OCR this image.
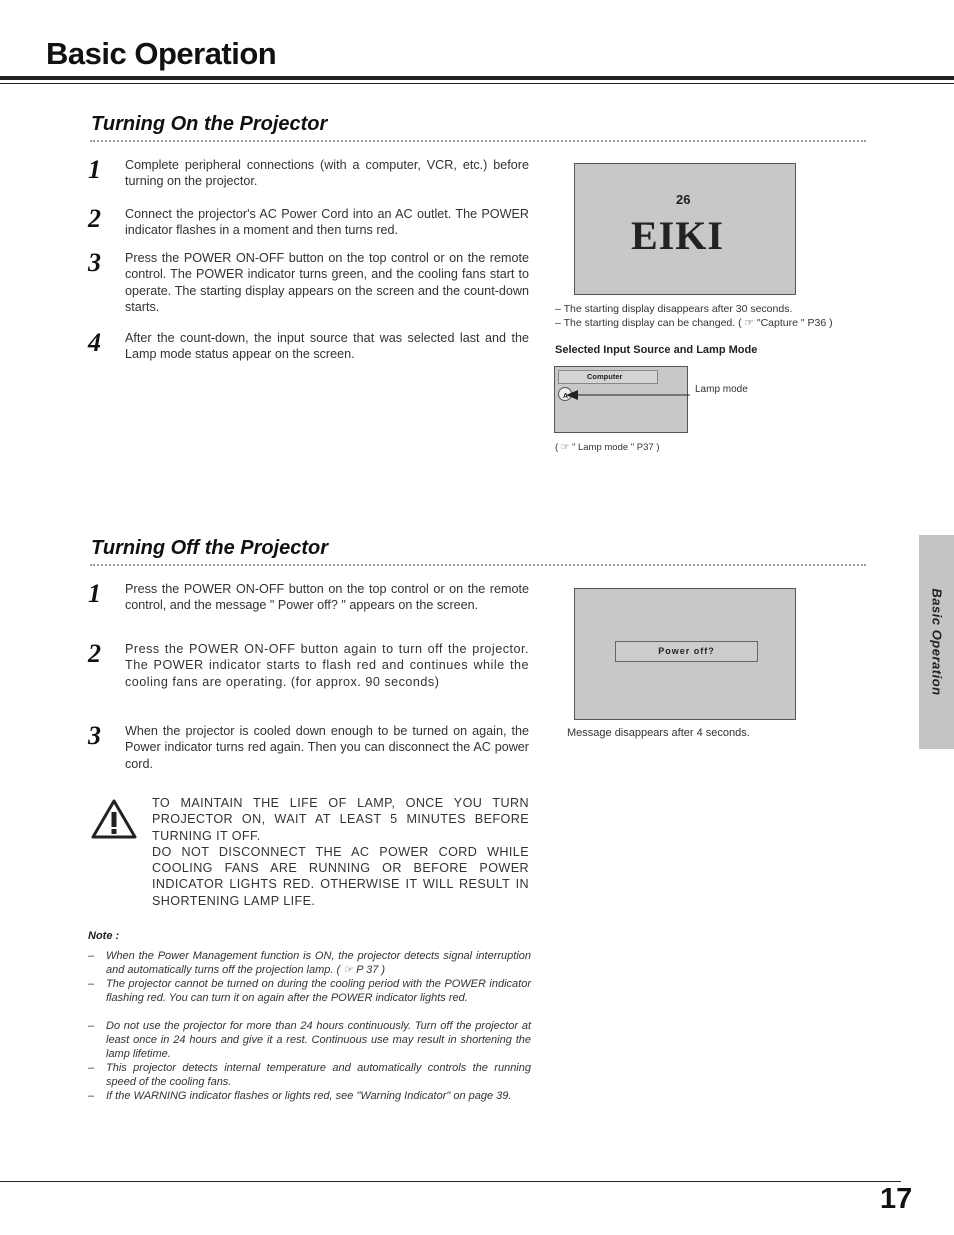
Basic Operation
Turning On the Projector
1 Complete peripheral connections (with a computer, VCR, etc.) before turning on the projector.
2 Connect the projector's AC Power Cord into an AC outlet. The POWER indicator flashes in a moment and then turns red.
3 Press the POWER ON-OFF button on the top control or on the remote control. The POWER indicator turns green, and the cooling fans start to operate. The starting display appears on the screen and the count-down starts.
4 After the count-down, the input source that was selected last and the Lamp mode status appear on the screen.
26
EIKI
– The starting display disappears after 30 seconds.
– The starting display can be changed. ( ☞ "Capture " P36 )
Selected Input Source and Lamp Mode
Computer
A
Lamp mode
( ☞ " Lamp mode " P37 )
Turning Off the Projector
1 Press the POWER ON-OFF button on the top control or on the remote control, and the message " Power off? " appears on the screen.
2 Press the POWER ON-OFF button again to turn off the projector. The POWER indicator starts to flash red and continues while the cooling fans are operating. (for approx. 90 seconds)
3 When the projector is cooled down enough to be turned on again, the Power indicator turns red again. Then you can disconnect the AC power cord.
Power off?
Message disappears after 4 seconds.
TO MAINTAIN THE LIFE OF LAMP, ONCE YOU TURN PROJECTOR ON, WAIT AT LEAST 5 MINUTES BEFORE TURNING IT OFF.
DO NOT DISCONNECT THE AC POWER CORD WHILE COOLING FANS ARE RUNNING OR BEFORE POWER INDICATOR LIGHTS RED. OTHERWISE IT WILL RESULT IN SHORTENING LAMP LIFE.
Note :
– When the Power Management function is ON, the projector detects signal interruption and automatically turns off the projection lamp. ( ☞ P 37 )
– The projector cannot be turned on during the cooling period with the POWER indicator flashing red. You can turn it on again after the POWER indicator lights red.
– Do not use the projector for more than 24 hours continuously. Turn off the projector at least once in 24 hours and give it a rest. Continuous use may result in shortening the lamp lifetime.
– This projector detects internal temperature and automatically controls the running speed of the cooling fans.
– If the WARNING indicator flashes or lights red, see "Warning Indicator" on page 39.
Basic Operation
17
